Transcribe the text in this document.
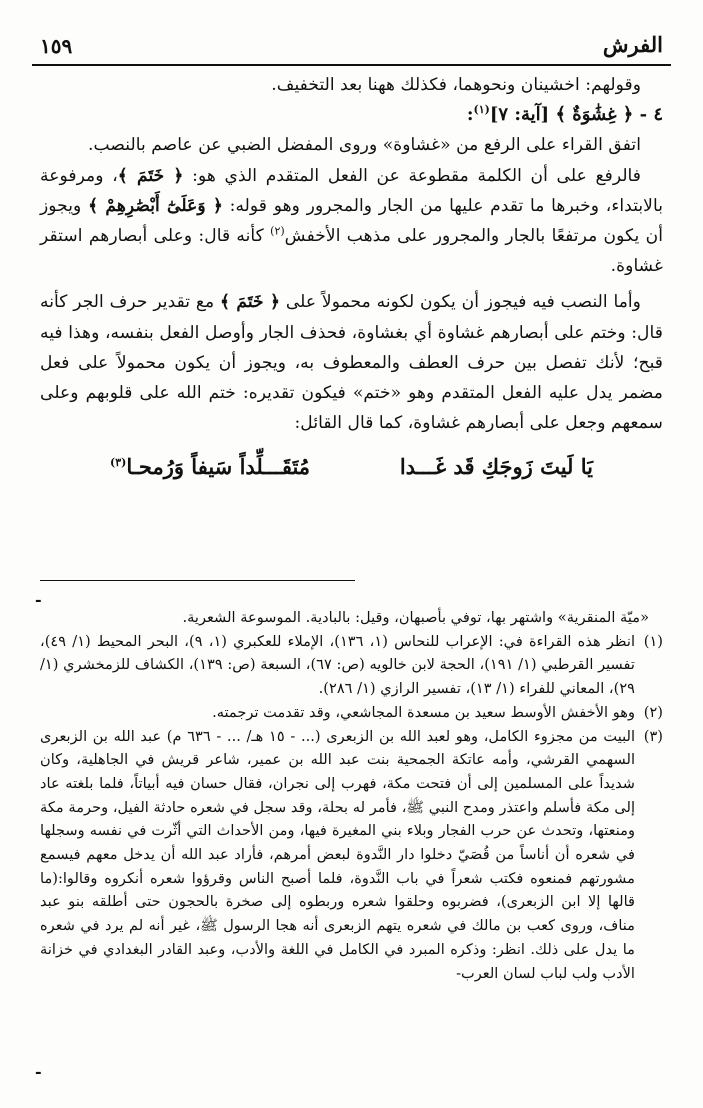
الفرش
١٥٩

وقولهم: اخشينان ونحوهما، فكذلك ههنا بعد التخفيف.

٤ - ﴿ غِشَٰوَةٌ ﴾ [آية: ٧]$^{(١)}$:

اتفق القراء على الرفع من «غشاوة» وروى المفضل الضبي عن عاصم بالنصب.

فالرفع على أن الكلمة مقطوعة عن الفعل المتقدم الذي هو: ﴿ خَتَمَ ﴾، ومرفوعة بالابتداء، وخبرها ما تقدم عليها من الجار والمجرور وهو قوله: ﴿ وَعَلَىٰٓ أَبْصَٰرِهِمْ ﴾ ويجوز أن يكون مرتفعًا بالجار والمجرور على مذهب الأخفش$^{(٢)}$ كأنه قال: وعلى أبصارهم استقر غشاوة.

وأما النصب فيه فيجوز أن يكون لكونه محمولاً على ﴿ خَتَمَ ﴾ مع تقدير حرف الجر كأنه قال: وختم على أبصارهم غشاوة أي بغشاوة، فحذف الجار وأوصل الفعل بنفسه، وهذا فيه قبح؛ لأنك تفصل بين حرف العطف والمعطوف به، ويجوز أن يكون محمولاً على فعل مضمر يدل عليه الفعل المتقدم وهو «ختم» فيكون تقديره: ختم الله على قلوبهم وعلى سمعهم وجعل على أبصارهم غشاوة، كما قال القائل:

يَا لَيتَ زَوجَكِ قَد غَـــدا
مُتَقَـــلِّداً سَيفاً وَرُمحـا$^{(٣)}$
-

«ميّة المنقرية» واشتهر بها، توفي بأصبهان، وقيل: بالبادية. الموسوعة الشعرية.

(١)
انظر هذه القراءة في: الإعراب للنحاس (١، ١٣٦)، الإملاء للعكبري (١، ٩)، البحر المحيط (١/ ٤٩)، تفسير القرطبي (١/ ١٩١)، الحجة لابن خالويه (ص: ٦٧)، السبعة (ص: ١٣٩)، الكشاف للزمخشري (١/ ٢٩)، المعاني للفراء (١/ ١٣)، تفسير الرازي (١/ ٢٨٦).

(٢)
وهو الأخفش الأوسط سعيد بن مسعدة المجاشعي، وقد تقدمت ترجمته.

(٣)
البيت من مجزوء الكامل، وهو لعبد الله بن الزبعرى (... - ١٥ هـ/ ... - ٦٣٦ م) عبد الله بن الزبعرى السهمي القرشي، وأمه عاتكة الجمحية بنت عبد الله بن عمير، شاعر قريش في الجاهلية، وكان شديداً على المسلمين إلى أن فتحت مكة، فهرب إلى نجران، فقال حسان فيه أبياتاً، فلما بلغته عاد إلى مكة فأسلم واعتذر ومدح النبي ﷺ، فأمر له بحلة، وقد سجل في شعره حادثة الفيل، وحرمة مكة ومنعتها، وتحدث عن حرب الفجار وبلاء بني المغيرة فيها، ومن الأحداث التي أثّرت في نفسه وسجلها في شعره أن أناساً من قُصَيّ دخلوا دار النَّدوة لبعض أمرهم، فأراد عبد الله أن يدخل معهم فيسمع مشورتهم فمنعوه فكتب شعراً في باب النَّدوة، فلما أصبح الناس وقرؤوا شعره أنكروه وقالوا:(ما قالها إلا ابن الزبعرى)، فضربوه وحلقوا شعره وربطوه إلى صخرة بالحجون حتى أطلقه بنو عبد مناف، وروى كعب بن مالك في شعره يتهم الزبعرى أنه هجا الرسول ﷺ، غير أنه لم يرد في شعره ما يدل على ذلك. انظر: وذكره المبرد في الكامل في اللغة والأدب، وعبد القادر البغدادي في خزانة الأدب ولب لباب لسان العرب-

-
